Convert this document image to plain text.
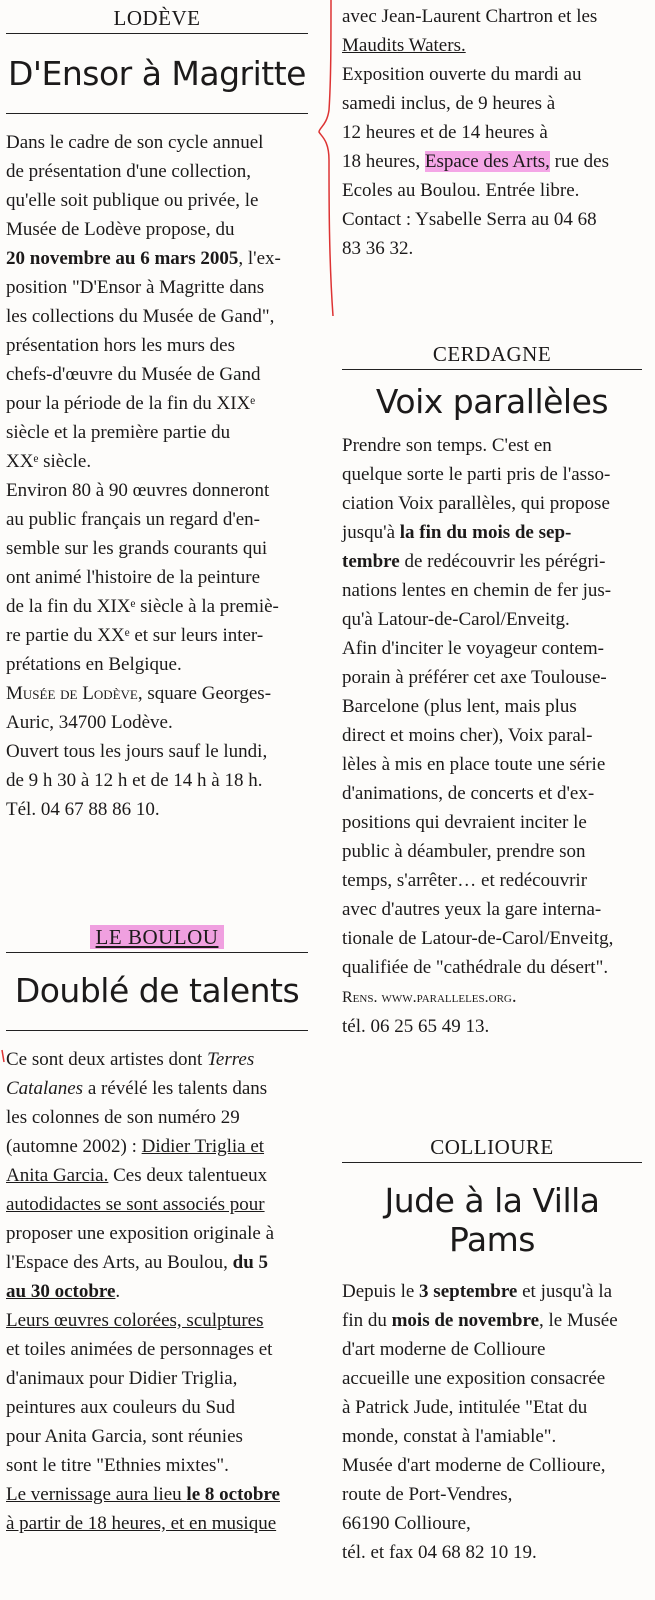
LODÈVE
D'Ensor à Magritte

Dans le cadre de son cycle annuel
de présentation d'une collection,
qu'elle soit publique ou privée, le
Musée de Lodève propose, du
20 novembre au 6 mars 2005, l'ex-
position "D'Ensor à Magritte dans
les collections du Musée de Gand",
présentation hors les murs des
chefs-d'œuvre du Musée de Gand
pour la période de la fin du XIXᵉ
siècle et la première partie du
XXᵉ siècle.

Environ 80 à 90 œuvres donneront
au public français un regard d'en-
semble sur les grands courants qui
ont animé l'histoire de la peinture
de la fin du XIXᵉ siècle à la premiè-
re partie du XXᵉ et sur leurs inter-
prétations en Belgique.

Musée de Lodève, square Georges-
Auric, 34700 Lodève.
Ouvert tous les jours sauf le lundi,
de 9 h 30 à 12 h et de 14 h à 18 h.
Tél. 04 67 88 86 10.

LE BOULOU
Doublé de talents

Ce sont deux artistes dont Terres
Catalanes a révélé les talents dans
les colonnes de son numéro 29
(automne 2002) : Didier Triglia et
Anita Garcia. Ces deux talentueux
autodidactes se sont associés pour
proposer une exposition originale à
l'Espace des Arts, au Boulou, du 5
au 30 octobre.

Leurs œuvres colorées, sculptures
et toiles animées de personnages et
d'animaux pour Didier Triglia,
peintures aux couleurs du Sud
pour Anita Garcia, sont réunies
sont le titre "Ethnies mixtes".
Le vernissage aura lieu le 8 octobre
à partir de 18 heures, et en musique

avec Jean-Laurent Chartron et les
Maudits Waters.
Exposition ouverte du mardi au
samedi inclus, de 9 heures à
12 heures et de 14 heures à
18 heures, Espace des Arts, rue des
Ecoles au Boulou. Entrée libre.
Contact : Ysabelle Serra au 04 68
83 36 32.

CERDAGNE
Voix parallèles

Prendre son temps. C'est en
quelque sorte le parti pris de l'asso-
ciation Voix parallèles, qui propose
jusqu'à la fin du mois de sep-
tembre de redécouvrir les pérégri-
nations lentes en chemin de fer jus-
qu'à Latour-de-Carol/Enveitg.

Afin d'inciter le voyageur contem-
porain à préférer cet axe Toulouse-
Barcelone (plus lent, mais plus
direct et moins cher), Voix paral-
lèles à mis en place toute une série
d'animations, de concerts et d'ex-
positions qui devraient inciter le
public à déambuler, prendre son
temps, s'arrêter… et redécouvrir
avec d'autres yeux la gare interna-
tionale de Latour-de-Carol/Enveitg,
qualifiée de "cathédrale du désert".
Rens. www.paralleles.org.
tél. 06 25 65 49 13.

COLLIOURE
Jude à la Villa Pams

Depuis le 3 septembre et jusqu'à la
fin du mois de novembre, le Musée
d'art moderne de Collioure
accueille une exposition consacrée
à Patrick Jude, intitulée "Etat du
monde, constat à l'amiable".

Musée d'art moderne de Collioure,
route de Port-Vendres,
66190 Collioure,
tél. et fax 04 68 82 10 19.
